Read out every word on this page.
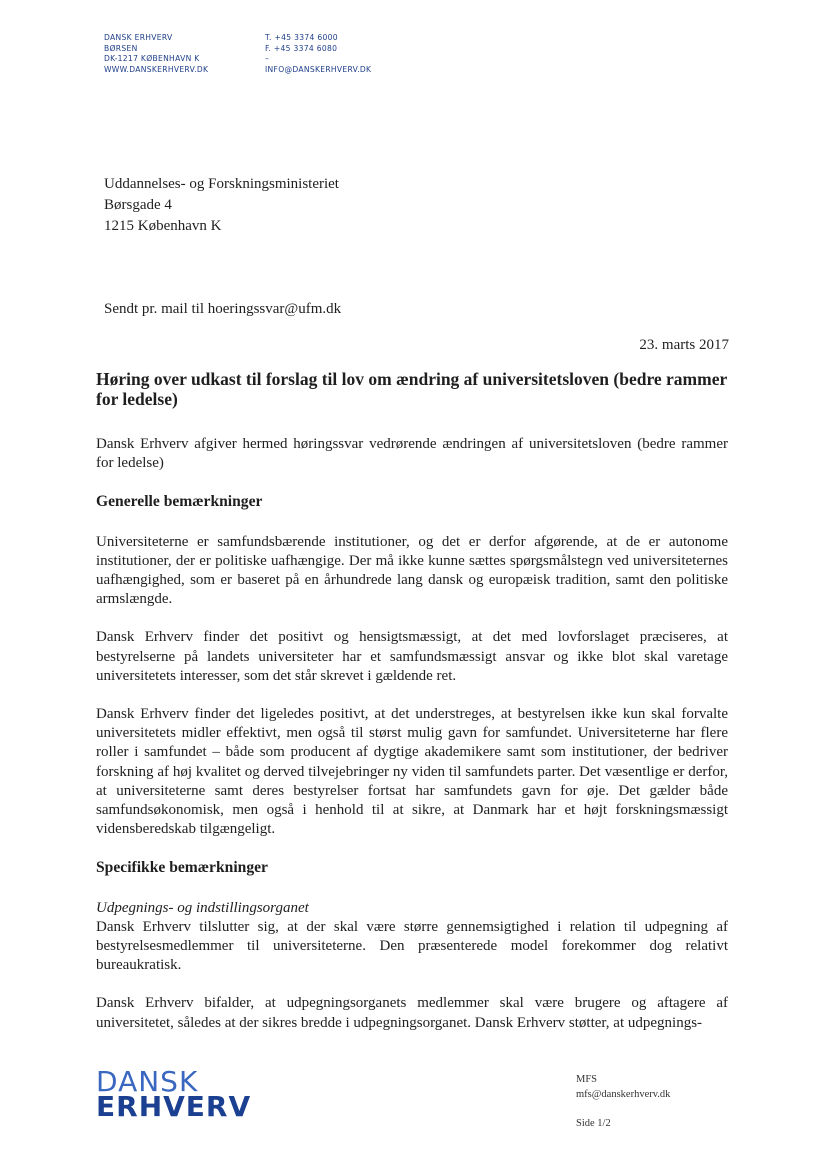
DANSK ERHVERV
BØRSEN
DK-1217 KØBENHAVN K
WWW.DANSKERHVERV.DK
T. +45 3374 6000
F. +45 3374 6080
–
INFO@DANSKERHVERV.DK
Uddannelses- og Forskningsministeriet
Børsgade 4
1215 København K
Sendt pr. mail til hoeringssvar@ufm.dk
23. marts 2017
Høring over udkast til forslag til lov om ændring af universitetsloven (bedre rammer for ledelse)

Dansk Erhverv afgiver hermed høringssvar vedrørende ændringen af universitetsloven (bedre rammer for ledelse)

Generelle bemærkninger

Universiteterne er samfundsbærende institutioner, og det er derfor afgørende, at de er autonome institutioner, der er politiske uafhængige. Der må ikke kunne sættes spørgsmålstegn ved universiteternes uafhængighed, som er baseret på en århundrede lang dansk og europæisk tradition, samt den politiske armslængde.

Dansk Erhverv finder det positivt og hensigtsmæssigt, at det med lovforslaget præciseres, at bestyrelserne på landets universiteter har et samfundsmæssigt ansvar og ikke blot skal varetage universitetets interesser, som det står skrevet i gældende ret.

Dansk Erhverv finder det ligeledes positivt, at det understreges, at bestyrelsen ikke kun skal forvalte universitetets midler effektivt, men også til størst mulig gavn for samfundet. Universiteterne har flere roller i samfundet – både som producent af dygtige akademikere samt som institutioner, der bedriver forskning af høj kvalitet og derved tilvejebringer ny viden til samfundets parter. Det væsentlige er derfor, at universiteterne samt deres bestyrelser fortsat har samfundets gavn for øje. Det gælder både samfundsøkonomisk, men også i henhold til at sikre, at Danmark har et højt forskningsmæssigt vidensberedskab tilgængeligt.

Specifikke bemærkninger

Udpegnings- og indstillingsorganet
Dansk Erhverv tilslutter sig, at der skal være større gennemsigtighed i relation til udpegning af bestyrelsesmedlemmer til universiteterne. Den præsenterede model forekommer dog relativt bureaukratisk.

Dansk Erhverv bifalder, at udpegningsorganets medlemmer skal være brugere og aftagere af universitetet, således at der sikres bredde i udpegningsorganet. Dansk Erhverv støtter, at udpegnings-

DANSK
ERHVERV
MFS
mfs@danskerhverv.dk
Side 1/2
